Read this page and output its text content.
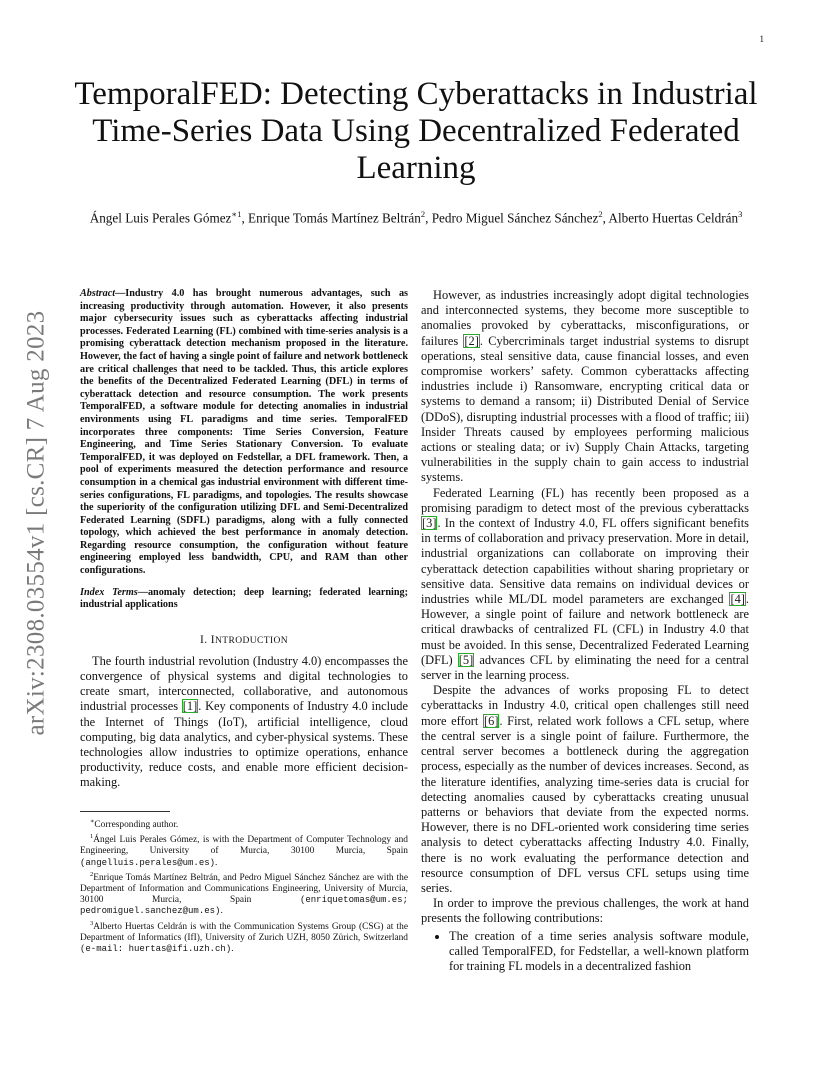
1
arXiv:2308.03554v1 [cs.CR] 7 Aug 2023
TemporalFED: Detecting Cyberattacks in Industrial Time-Series Data Using Decentralized Federated Learning
Ángel Luis Perales Gómez$^{∗1}$, Enrique Tomás Martínez Beltrán$^2$, Pedro Miguel Sánchez Sánchez$^2$, Alberto Huertas Celdrán$^3$

Abstract—Industry 4.0 has brought numerous advantages, such as increasing productivity through automation. However, it also presents major cybersecurity issues such as cyberattacks affecting industrial processes. Federated Learning (FL) combined with time-series analysis is a promising cyberattack detection mechanism proposed in the literature. However, the fact of having a single point of failure and network bottleneck are critical challenges that need to be tackled. Thus, this article explores the benefits of the Decentralized Federated Learning (DFL) in terms of cyberattack detection and resource consumption. The work presents TemporalFED, a software module for detecting anomalies in industrial environments using FL paradigms and time series. TemporalFED incorporates three components: Time Series Conversion, Feature Engineering, and Time Series Stationary Conversion. To evaluate TemporalFED, it was deployed on Fedstellar, a DFL framework. Then, a pool of experiments measured the detection performance and resource consumption in a chemical gas industrial environment with different time-series configurations, FL paradigms, and topologies. The results showcase the superiority of the configuration utilizing DFL and Semi-Decentralized Federated Learning (SDFL) paradigms, along with a fully connected topology, which achieved the best performance in anomaly detection. Regarding resource consumption, the configuration without feature engineering employed less bandwidth, CPU, and RAM than other configurations.

Index Terms—anomaly detection; deep learning; federated learning; industrial applications

I. INTRODUCTION

The fourth industrial revolution (Industry 4.0) encompasses the convergence of physical systems and digital technologies to create smart, interconnected, collaborative, and autonomous industrial processes [1]. Key components of Industry 4.0 include the Internet of Things (IoT), artificial intelligence, cloud computing, big data analytics, and cyber-physical systems. These technologies allow industries to optimize operations, enhance productivity, reduce costs, and enable more efficient decision-making.

∗Corresponding author.

$^1$Ángel Luis Perales Gómez, is with the Department of Computer Technology and Engineering, University of Murcia, 30100 Murcia, Spain (angelluis.perales@um.es).

$^2$Enrique Tomás Martínez Beltrán, and Pedro Miguel Sánchez Sánchez are with the Department of Information and Communications Engineering, University of Murcia, 30100 Murcia, Spain (enriquetomas@um.es; pedromiguel.sanchez@um.es).

$^3$Alberto Huertas Celdrán is with the Communication Systems Group (CSG) at the Department of Informatics (IfI), University of Zurich UZH, 8050 Zürich, Switzerland (e-mail: huertas@ifi.uzh.ch).

However, as industries increasingly adopt digital technologies and interconnected systems, they become more susceptible to anomalies provoked by cyberattacks, misconfigurations, or failures [2]. Cybercriminals target industrial systems to disrupt operations, steal sensitive data, cause financial losses, and even compromise workers’ safety. Common cyberattacks affecting industries include i) Ransomware, encrypting critical data or systems to demand a ransom; ii) Distributed Denial of Service (DDoS), disrupting industrial processes with a flood of traffic; iii) Insider Threats caused by employees performing malicious actions or stealing data; or iv) Supply Chain Attacks, targeting vulnerabilities in the supply chain to gain access to industrial systems.

Federated Learning (FL) has recently been proposed as a promising paradigm to detect most of the previous cyberattacks [3]. In the context of Industry 4.0, FL offers significant benefits in terms of collaboration and privacy preservation. More in detail, industrial organizations can collaborate on improving their cyberattack detection capabilities without sharing proprietary or sensitive data. Sensitive data remains on individual devices or industries while ML/DL model parameters are exchanged [4]. However, a single point of failure and network bottleneck are critical drawbacks of centralized FL (CFL) in Industry 4.0 that must be avoided. In this sense, Decentralized Federated Learning (DFL) [5] advances CFL by eliminating the need for a central server in the learning process.

Despite the advances of works proposing FL to detect cyberattacks in Industry 4.0, critical open challenges still need more effort [6]. First, related work follows a CFL setup, where the central server is a single point of failure. Furthermore, the central server becomes a bottleneck during the aggregation process, especially as the number of devices increases. Second, as the literature identifies, analyzing time-series data is crucial for detecting anomalies caused by cyberattacks creating unusual patterns or behaviors that deviate from the expected norms. However, there is no DFL-oriented work considering time series analysis to detect cyberattacks affecting Industry 4.0. Finally, there is no work evaluating the performance detection and resource consumption of DFL versus CFL setups using time series.

In order to improve the previous challenges, the work at hand presents the following contributions:

• The creation of a time series analysis software module, called TemporalFED, for Fedstellar, a well-known platform for training FL models in a decentralized fashion
